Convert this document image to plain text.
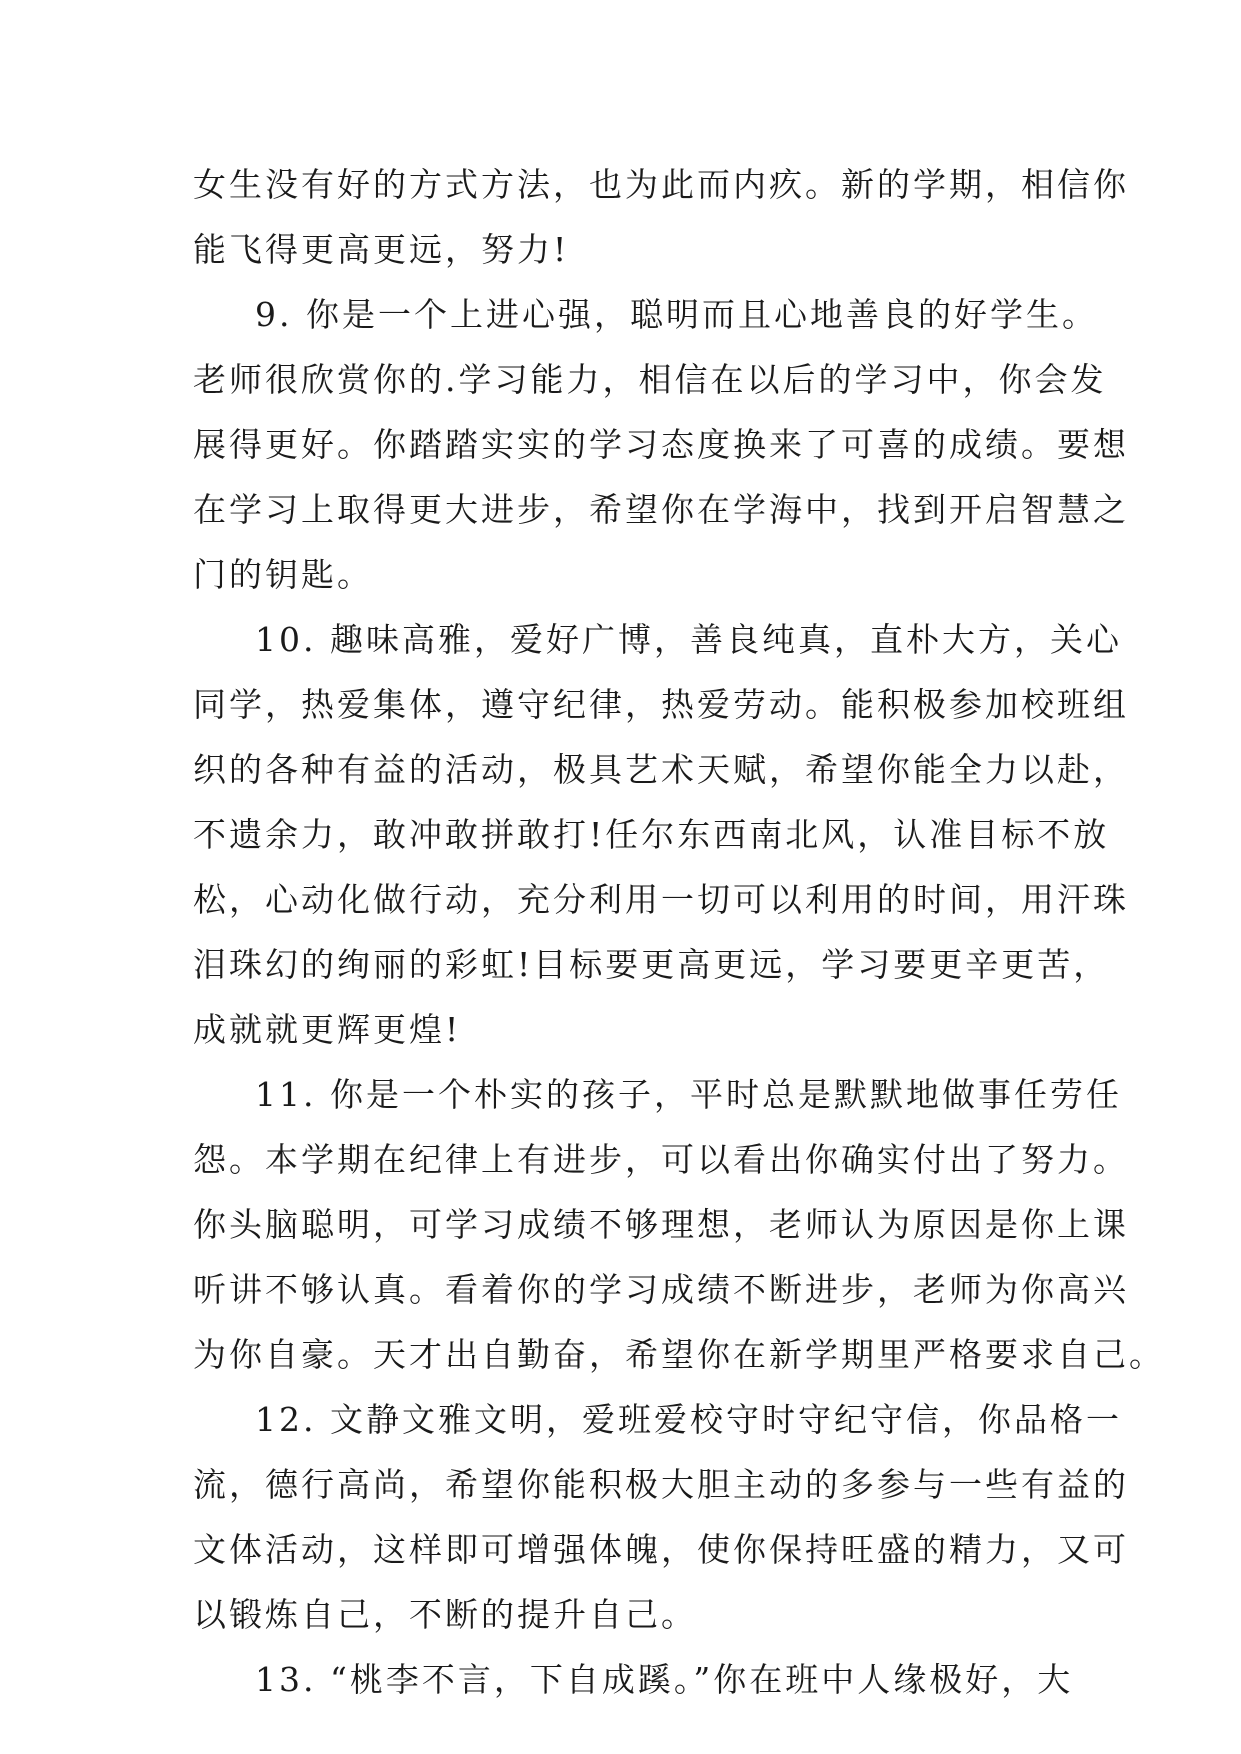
女生没有好的方式方法，也为此而内疚。新的学期，相信你
能飞得更高更远，努力!
9. 你是一个上进心强，聪明而且心地善良的好学生。
老师很欣赏你的.学习能力，相信在以后的学习中，你会发
展得更好。你踏踏实实的学习态度换来了可喜的成绩。要想
在学习上取得更大进步，希望你在学海中，找到开启智慧之
门的钥匙。
10. 趣味高雅，爱好广博，善良纯真，直朴大方，关心
同学，热爱集体，遵守纪律，热爱劳动。能积极参加校班组
织的各种有益的活动，极具艺术天赋，希望你能全力以赴，
不遗余力，敢冲敢拼敢打!任尔东西南北风，认准目标不放
松，心动化做行动，充分利用一切可以利用的时间，用汗珠
泪珠幻的绚丽的彩虹!目标要更高更远，学习要更辛更苦，
成就就更辉更煌!
11. 你是一个朴实的孩子，平时总是默默地做事任劳任
怨。本学期在纪律上有进步，可以看出你确实付出了努力。
你头脑聪明，可学习成绩不够理想，老师认为原因是你上课
听讲不够认真。看着你的学习成绩不断进步，老师为你高兴
为你自豪。天才出自勤奋，希望你在新学期里严格要求自己。
12. 文静文雅文明，爱班爱校守时守纪守信，你品格一
流，德行高尚，希望你能积极大胆主动的多参与一些有益的
文体活动，这样即可增强体魄，使你保持旺盛的精力，又可
以锻炼自己，不断的提升自己。
13. “桃李不言，下自成蹊。”你在班中人缘极好，大
